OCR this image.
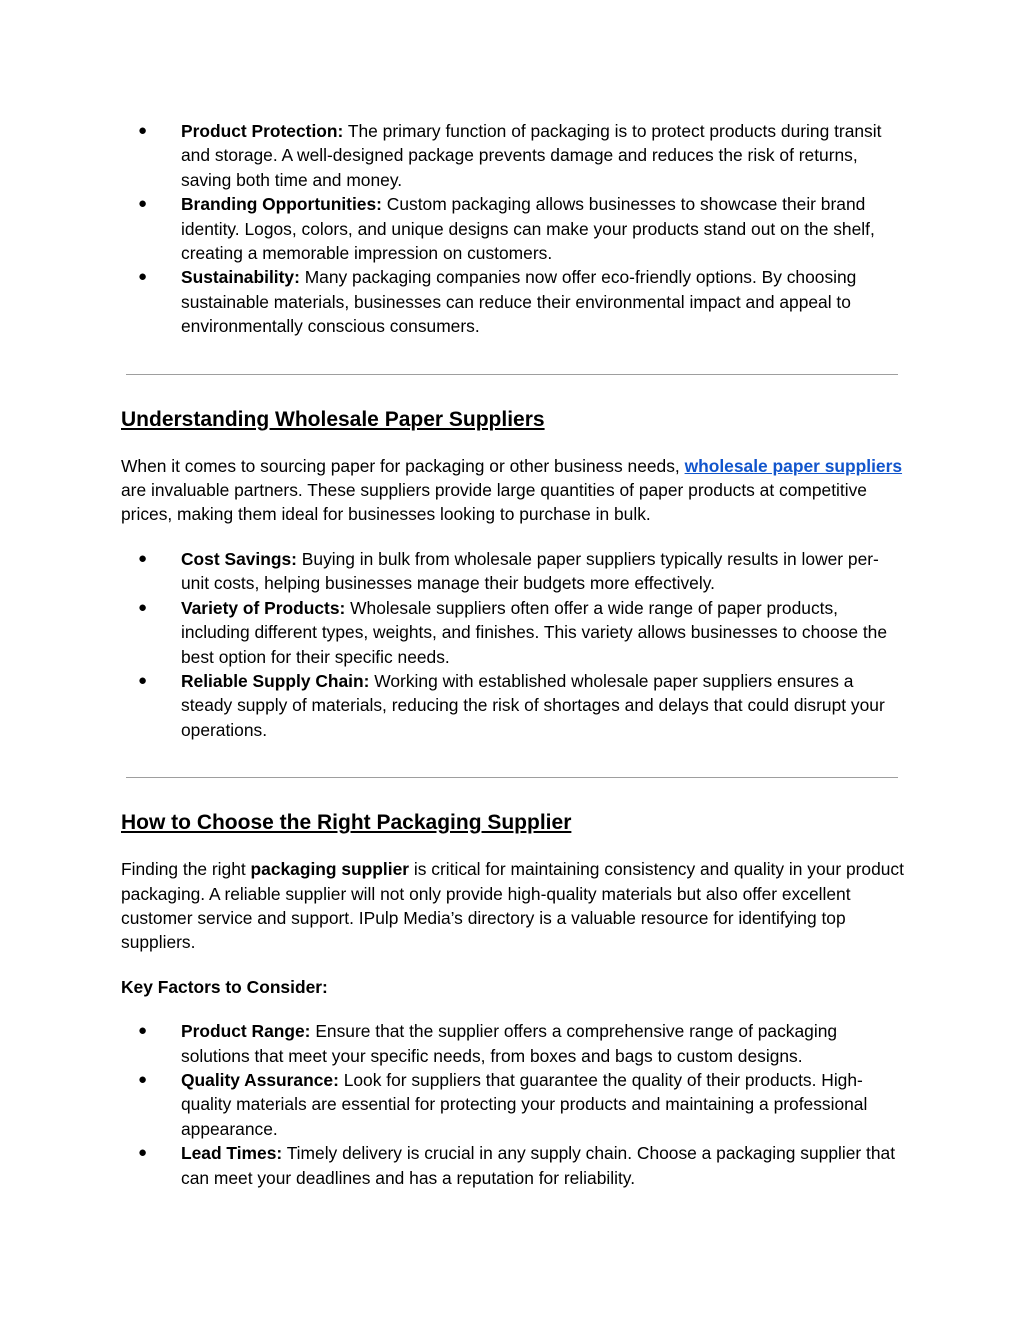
● Product Protection: The primary function of packaging is to protect products during transit and storage. A well-designed package prevents damage and reduces the risk of returns, saving both time and money.
● Branding Opportunities: Custom packaging allows businesses to showcase their brand identity. Logos, colors, and unique designs can make your products stand out on the shelf, creating a memorable impression on customers.
● Sustainability: Many packaging companies now offer eco-friendly options. By choosing sustainable materials, businesses can reduce their environmental impact and appeal to environmentally conscious consumers.
Understanding Wholesale Paper Suppliers

When it comes to sourcing paper for packaging or other business needs, wholesale paper suppliers are invaluable partners. These suppliers provide large quantities of paper products at competitive prices, making them ideal for businesses looking to purchase in bulk.

● Cost Savings: Buying in bulk from wholesale paper suppliers typically results in lower per-unit costs, helping businesses manage their budgets more effectively.
● Variety of Products: Wholesale suppliers often offer a wide range of paper products, including different types, weights, and finishes. This variety allows businesses to choose the best option for their specific needs.
● Reliable Supply Chain: Working with established wholesale paper suppliers ensures a steady supply of materials, reducing the risk of shortages and delays that could disrupt your operations.
How to Choose the Right Packaging Supplier

Finding the right packaging supplier is critical for maintaining consistency and quality in your product packaging. A reliable supplier will not only provide high-quality materials but also offer excellent customer service and support. IPulp Media’s directory is a valuable resource for identifying top suppliers.

Key Factors to Consider:

● Product Range: Ensure that the supplier offers a comprehensive range of packaging solutions that meet your specific needs, from boxes and bags to custom designs.
● Quality Assurance: Look for suppliers that guarantee the quality of their products. High-quality materials are essential for protecting your products and maintaining a professional appearance.
● Lead Times: Timely delivery is crucial in any supply chain. Choose a packaging supplier that can meet your deadlines and has a reputation for reliability.
